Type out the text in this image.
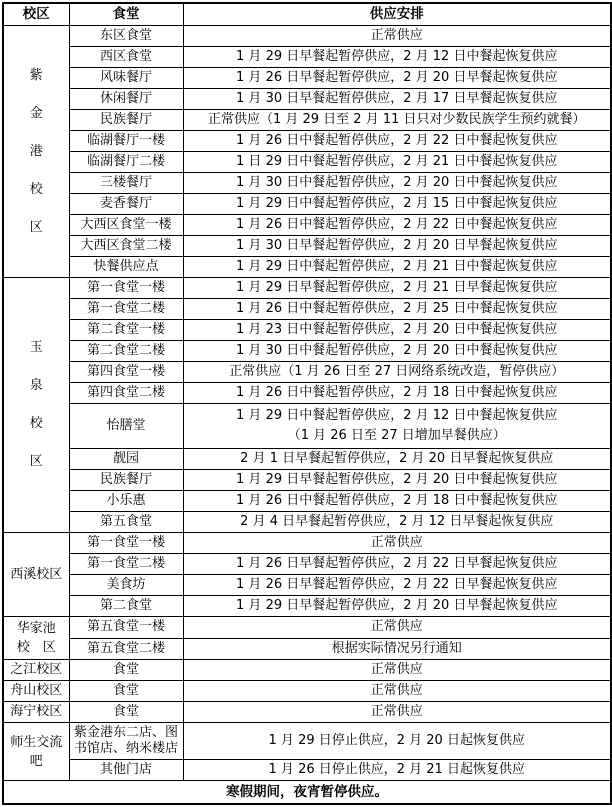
校区	食堂	供应安排
紫金港校区	东区食堂	正常供应
	西区食堂	1 月 29 日早餐起暂停供应，2 月 12 日中餐起恢复供应
	风味餐厅	1 月 26 日早餐起暂停供应，2 月 20 日早餐起恢复供应
	休闲餐厅	1 月 30 日早餐起暂停供应，2 月 17 日早餐起恢复供应
	民族餐厅	正常供应（1 月 29 日至 2 月 11 日只对少数民族学生预约就餐）
	临湖餐厅一楼	1 月 26 日中餐起暂停供应，2 月 22 日中餐起恢复供应
	临湖餐厅二楼	1 日 29 日中餐起暂停供应，2 月 21 日中餐起恢复供应
	三楼餐厅	1 月 30 日中餐起暂停供应，2 月 20 日中餐起恢复供应
	麦香餐厅	1 月 29 日中餐起暂停供应，2 月 15 日中餐起恢复供应
	大西区食堂一楼	1 月 26 日中餐起暂停供应，2 月 22 日中餐起恢复供应
	大西区食堂二楼	1 月 30 日早餐起暂停供应，2 月 20 日早餐起恢复供应
	快餐供应点	1 月 29 日中餐起暂停供应，2 月 21 日中餐起恢复供应
玉泉校区	第一食堂一楼	1 月 29 日早餐起暂停供应，2 月 21 日早餐起恢复供应
	第一食堂二楼	1 月 26 日中餐起暂停供应，2 月 25 日中餐起恢复供应
	第二食堂一楼	1 月 23 日中餐起暂停供应，2 月 20 日中餐起恢复供应
	第二食堂二楼	1 月 30 日中餐起暂停供应，2 月 20 日中餐起恢复供应
	第四食堂一楼	正常供应（1 月 26 日至 27 日网络系统改造，暂停供应）
	第四食堂二楼	1 月 26 日中餐起暂停供应，2 月 18 日中餐起恢复供应
	怡膳堂	1 月 29 日中餐起暂停供应，2 月 12 日中餐起恢复供应
（1 月 26 日至 27 日增加早餐供应）

	靓园	2 月 1 日早餐起暂停供应，2 月 20 日早餐起恢复供应
	民族餐厅	1 月 29 日早餐起暂停供应，2 月 20 日中餐起恢复供应
	小乐惠	1 月 26 日中餐起暂停供应，2 月 18 日中餐起恢复供应
	第五食堂	2 月 4 日早餐起暂停供应，2 月 12 日早餐起恢复供应
西溪校区	第一食堂一楼	正常供应
	第一食堂二楼	1 月 26 日早餐起暂停供应，2 月 22 日早餐起恢复供应
	美食坊	1 月 26 日早餐起暂停供应，2 月 22 日早餐起恢复供应
	第二食堂	1 月 29 日早餐起暂停供应，2 月 20 日早餐起恢复供应

华家池
校　区	第五食堂一楼	正常供应
	第五食堂二楼	根据实际情况另行通知
之江校区	食堂	正常供应
舟山校区	食堂	正常供应
海宁校区	食堂	正常供应

师生交流
吧	紫金港东二店、图书馆店、纳米楼店	1 月 29 日停止供应，2 月 20 日起恢复供应
	其他门店	1 月 26 日停止供应，2 月 21 日起恢复供应
寒假期间，夜宵暂停供应。		
